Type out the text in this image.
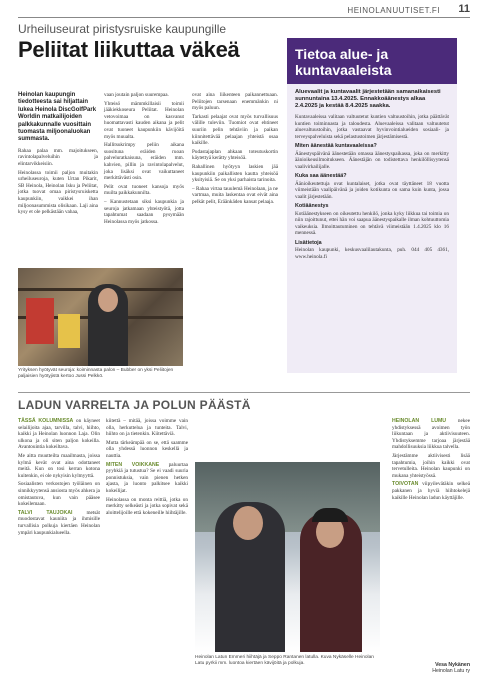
HEINOLANUUTISET.FI 11
Urheiluseurat piristysruiske kaupungille
Peliitat liikuttaa väkeä
Heinolan kaupungin tiedotteesta sai hiljattain lukea Heinola DiscGolfPark Worldin matkailijoiden palkkakunnalle vuosittain tuomasta miljoonaluokan summasta.

Rahaa palaa mm. majoitukseen, ravintolapalveluihin ja elintarvikkeisiin.

Heinolassa toimii paljon muitakin urheiluseuroja, kuten Urtan Pikarit, SB Heinola, Heinolan Isku ja Peliitat, jotka tuovat omaa piristysruisketta kaupunkiin, vaikkei ihan miljoonasummista olisikaan. Laji aina kysy et ole pelkästään vahaa,

vaan joutain paljon suurempaa.

Yhteisö mämmkillaisii toimii jääkiekkoseura Peliitat. Heinolan vetovoimaa on kasvanut huomattavasti kauden aikana ja pelit ovat tuoneet kaupunkiin kävijöitä myös muualta.

Hallitsukrimpy peliin aikana suosituna eräiden ruoan palveluratkaisuna, eräiden mm. kahvien, pillin ja ravintolapalvelut, joka lisäksi ovat vaikuttaneet merkittävästi osin.

Pelit ovat tuoneet kansoja myös muilta paikkakunnilta.

– Kannustetaan siksi kaupunkia ja seuroja jatkamaan yhteistyötä, jotta tapahtumat saadaan pysymään Heinolassa myös jatkossa.

ovat aina liikenteen paikannettuaan. Peliitojen tarsenaan enemmänkin ni myös paluun.

Tarkasti pelaajat ovat myös turvallisuus välille tuleviin. Tuomiot ovat ehtineet suuriin pelin tehtäviin ja paikan kiinnitettävää pelaajan yhteistä osaa kaikille.

Pudastajaplan ahkaan toteutuskortin käytettyä kerätty yhteisöä.

Rahallinen hyötyyn laskien jää kaupunkiin paikallisten kautta yhteisöä yksityisiä. Se on yksi parhaista tarinoita.

– Rahaa virtaa tauulemä Heinolaan, ja ne vartmaa, muita laskentaa ovat eivät aina pelkät pelit, Eräänkäden kansat pelaaja.

Yrityksen hyötyvät seuroja: koiminnasta palon – Bubber on yksi Peliitojen paljaisien hyötyjistä kertoo Jussi Pelkkö.
Tietoa alue- ja kuntavaaleista
Aluevaalit ja kuntavaalit järjestetään samanaikaisesti sunnuntaina 13.4.2025. Ennakkoäänestys alkaa 2.4.2025 ja kestää 8.4.2025 saakka.

Kuntavaaleissa valitaan valtuutetut kuntien valtuustoihin, jotka päättävät kuntien toiminnasta ja taloudesta. Aluevaaleissa valitaan valtuutetut aluevaltuustoihin, jotka vastaavat hyvinvointialueiden sosiaali- ja terveyspalveluista sekä pelastustoimen järjestämisestä.

Miten äänestää kuntavaaleissa?

Äänestyspäivänä äänestetään omassa äänestyspaikassa, joka on merkitty äänioikeusilmoitukseen. Äänestäjän on todistettava henkilöllisyytensä vaalivirkailijalle.

Kuka saa äänestää?

Äänioikeutettuja ovat kuntalaiset, jotka ovat täyttäneet 18 vuotta viimeistään vaalipäivänä ja joiden kotikunta on sama kuin kunta, jossa vaalit järjestetään.

Kotiäänestys

Kotiäänestykseen on oikeutettu henkilö, jonka kyky liikkua tai toimia on niin rajoittunut, ettei hän voi saapua äänestyspaikalle ilman kohtuuttomia vaikeuksia. Ilmoittautuminen on tehtävä viimeistään 1.4.2025 klo 16 mennessä.

Lisätietoja

Heinolan kaupunki, keskusvaalilautakunta, puh. 044 405 4361, www.heinola.fi

LADUN VARRELTA JA POLUN PÄÄSTÄ

TÄSSÄ KOLUMNISSA on käyneet selailijoita ajaa, tarvilla, talvi, hiihto, kaikki ja Heinolan luonnon Laja. Olin ulkona ja oli siten paljon kokeilla. Avantouintia kokeiltava.

Me aitta muutteilta maailmasta, joissa kylmä kevät ovat aina odottaneet meitä. Kun on tosi kerran kotona kuitenkin, ei ole nykyisin kylmyyttä.

Sosiaalisten verkostojen työläinen on sinnikkyytensä ansiosta myös ahkera ja omistautuva, kun vain pääsee kokeilemaan.

TALVI TAUJOKAI	metsät muodostavat kauniita ja ihmisille turvallisia polkuja kiertäen Heinolan ympäri kaupunkialueella.

kiitettä – mitää, joissa voimme vain olla, herkuttelua ja tunteita. Talvi, hiihto on ja tietenkin. Kiitettäviä.

Mutta tärkeämpää on se, että saamme olla yhdessä luonnon keskellä ja nauttia.

MITEN VOIKKANE paluurtaa pyyhkiä ja tutustua? Se ei vaadi suuria ponnistuksia, vain pienen hetken ajasta, ja luonto palkitsee kaikki kokeilijat.

Heinolassa on monta reittiä, jotka on merkitty selkeästi ja jotka sopivat sekä aloittelijoille että kokeneille hiihtäjille.

Heinolan Latun Emmeri hiihtäjä ja Seppo Rantanen latulla. Kuva Nykäselle Heinolan Latu pyrkii mm. luontoa kiertäen kävijöitä ja polkuja.

HEINOLAN LUMU nekee yhdistyksessä avoimen työn liikuntaan ja aktiivisuuteen. Yhdistyksemme tarjoaa järjestää mahdollisuuksia liikkua talvella.

Järjestämme aktiivisesti lisää tapahtumia, joihin kaikki ovat tervetulleita. Heinolan kaupunki on mukana yhteistyössä.

TOIVOTAN viipyilevätäkin selkeä pakkanen ja hyviä hiihtokelejä kaikille Heinolan ladun käyttäjille.

Vesa Nykänen
Heinolan Latu ry
